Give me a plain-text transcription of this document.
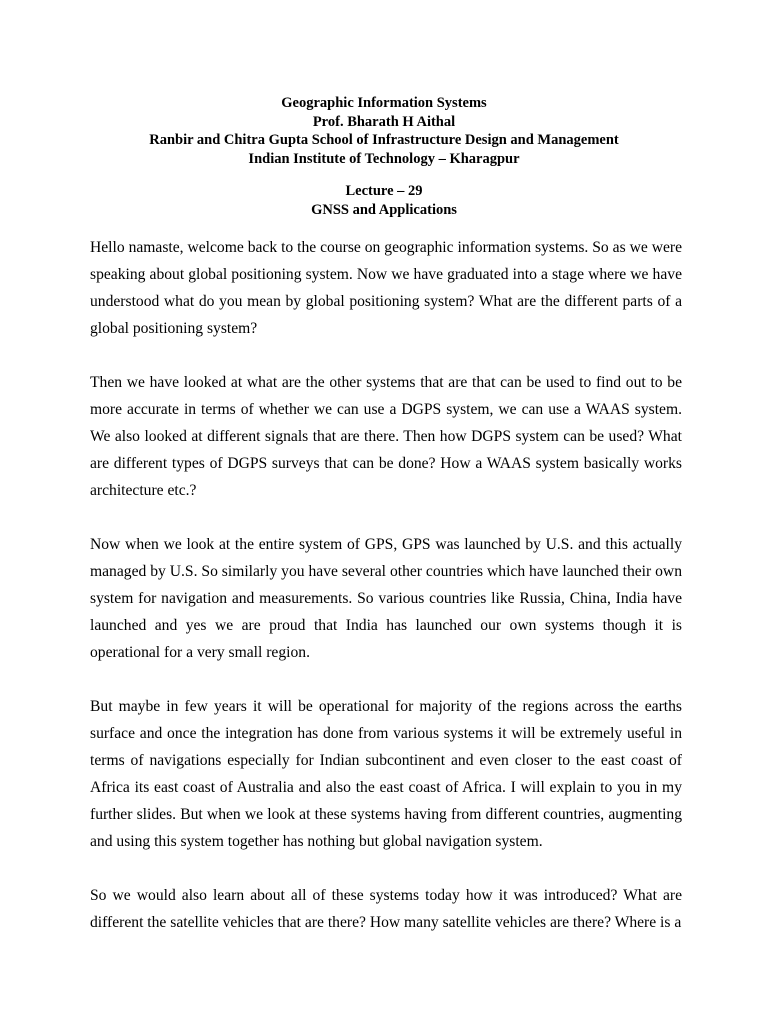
Geographic Information Systems
Prof. Bharath H Aithal
Ranbir and Chitra Gupta School of Infrastructure Design and Management
Indian Institute of Technology – Kharagpur
Lecture – 29
GNSS and Applications

Hello namaste, welcome back to the course on geographic information systems. So as we were speaking about global positioning system. Now we have graduated into a stage where we have understood what do you mean by global positioning system? What are the different parts of a global positioning system?

Then we have looked at what are the other systems that are that can be used to find out to be more accurate in terms of whether we can use a DGPS system, we can use a WAAS system. We also looked at different signals that are there. Then how DGPS system can be used? What are different types of DGPS surveys that can be done? How a WAAS system basically works architecture etc.?

Now when we look at the entire system of GPS, GPS was launched by U.S. and this actually managed by U.S. So similarly you have several other countries which have launched their own system for navigation and measurements. So various countries like Russia, China, India have launched and yes we are proud that India has launched our own systems though it is operational for a very small region.

But maybe in few years it will be operational for majority of the regions across the earths surface and once the integration has done from various systems it will be extremely useful in terms of navigations especially for Indian subcontinent and even closer to the east coast of Africa its east coast of Australia and also the east coast of Africa. I will explain to you in my further slides. But when we look at these systems having from different countries, augmenting and using this system together has nothing but global navigation system.

So we would also learn about all of these systems today how it was introduced? What are different the satellite vehicles that are there? How many satellite vehicles are there? Where is a
